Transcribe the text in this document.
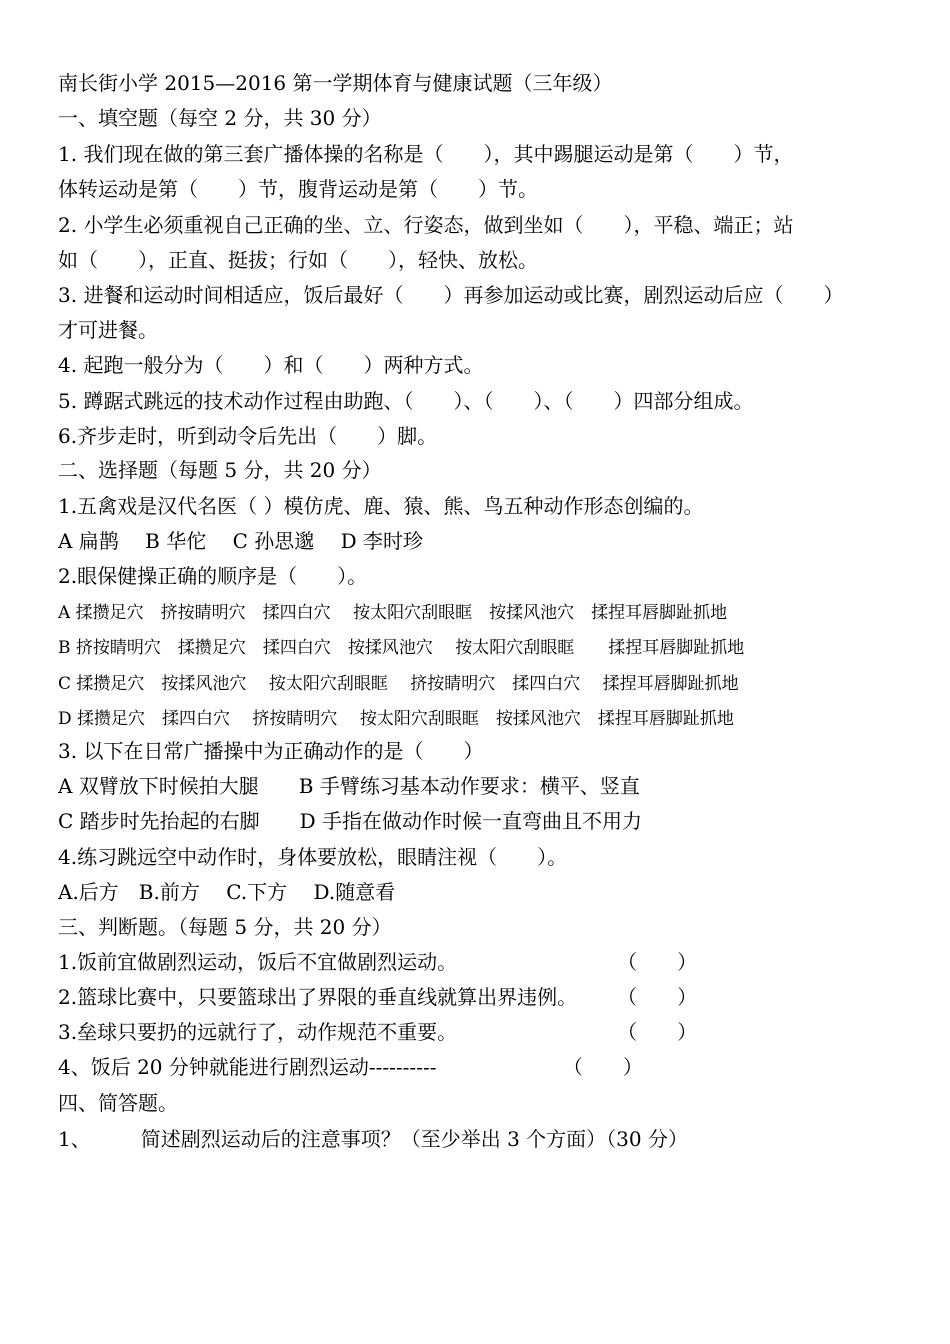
南长街小学 2015—2016 第一学期体育与健康试题（三年级）
一、填空题（每空 2 分，共 30 分）
1. 我们现在做的第三套广播体操的名称是（　　），其中踢腿运动是第（　　）节，
体转运动是第（　　）节，腹背运动是第（　　）节。
2. 小学生必须重视自己正确的坐、立、行姿态，做到坐如（　　），平稳、端正；站
如（　　），正直、挺拔；行如（　　），轻快、放松。
3. 进餐和运动时间相适应，饭后最好（　　）再参加运动或比赛，剧烈运动后应（　　）
才可进餐。
4. 起跑一般分为（　　）和（　　）两种方式。
5. 蹲踞式跳远的技术动作过程由助跑、（　　）、（　　）、（　　）四部分组成。
6.齐步走时，听到动令后先出（　　）脚。
二、选择题（每题 5 分，共 20 分）
1.五禽戏是汉代名医（ ）模仿虎、鹿、猿、熊、鸟五种动作形态创编的。
A 扁鹊　 B 华佗　 C 孙思邈　 D 李时珍
2.眼保健操正确的顺序是（　　）。
A 揉攒足穴　挤按睛明穴　揉四白穴　 按太阳穴刮眼眶　按揉风池穴　揉捏耳唇脚趾抓地
B 挤按睛明穴　揉攒足穴　揉四白穴　按揉风池穴　 按太阳穴刮眼眶　　揉捏耳唇脚趾抓地
C 揉攒足穴　按揉风池穴　 按太阳穴刮眼眶　 挤按睛明穴　揉四白穴　 揉捏耳唇脚趾抓地
D 揉攒足穴　揉四白穴　 挤按睛明穴　 按太阳穴刮眼眶　按揉风池穴　揉捏耳唇脚趾抓地
3. 以下在日常广播操中为正确动作的是（　　）
A 双臂放下时候拍大腿　　B 手臂练习基本动作要求：横平、竖直
C 踏步时先抬起的右脚　　D 手指在做动作时候一直弯曲且不用力
4.练习跳远空中动作时，身体要放松，眼睛注视（　　）。
A.后方　B.前方　 C.下方　 D.随意看
三、判断题。（每题 5 分，共 20 分）
1.饭前宜做剧烈运动，饭后不宜做剧烈运动。　　　　　　　　　（　　）
2.篮球比赛中，只要篮球出了界限的垂直线就算出界违例。　　　（　　）
3.垒球只要扔的远就行了，动作规范不重要。　　　　　　　　　（　　）
4、饭后 20 分钟就能进行剧烈运动----------　　　　　　 （　　）
四、简答题。
1、　　　简述剧烈运动后的注意事项？（至少举出 3 个方面）（30 分）
